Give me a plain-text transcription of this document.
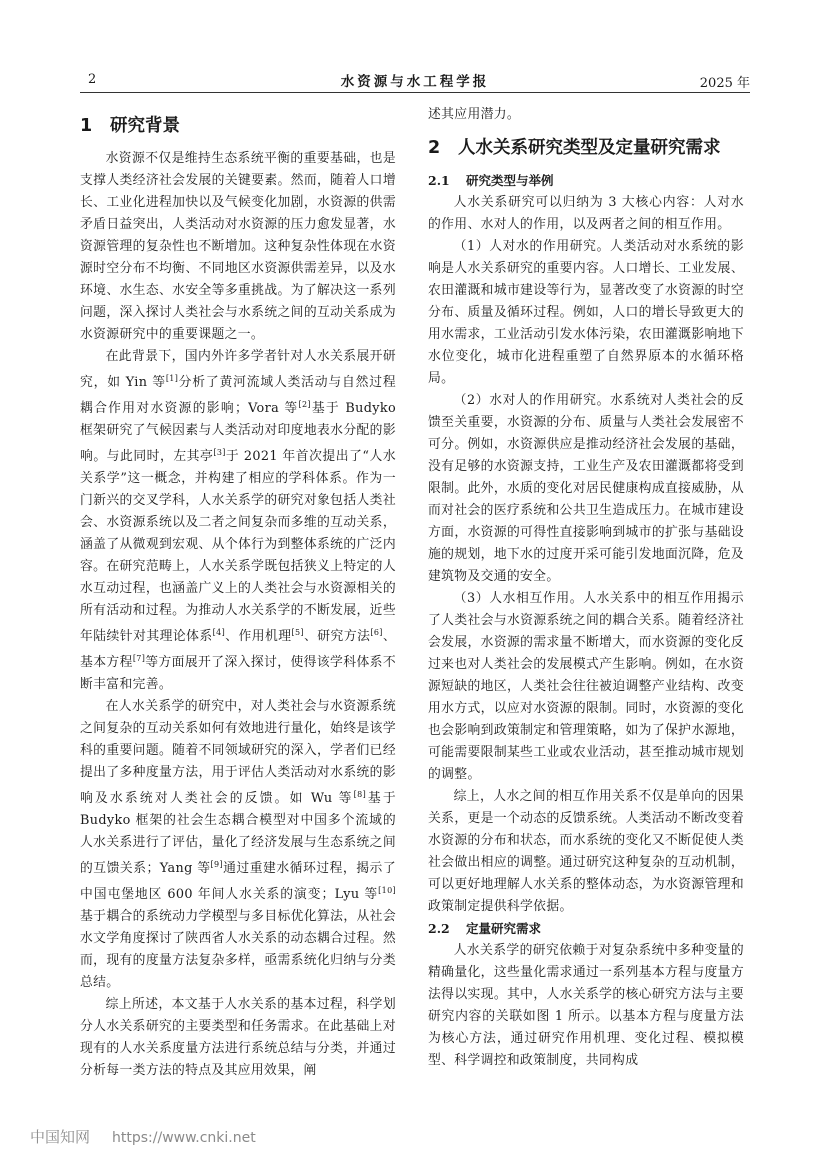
2	水资源与水工程学报	2025 年
1 研究背景

水资源不仅是维持生态系统平衡的重要基础，也是支撑人类经济社会发展的关键要素。然而，随着人口增长、工业化进程加快以及气候变化加剧，水资源的供需矛盾日益突出，人类活动对水资源的压力愈发显著，水资源管理的复杂性也不断增加。这种复杂性体现在水资源时空分布不均衡、不同地区水资源供需差异，以及水环境、水生态、水安全等多重挑战。为了解决这一系列问题，深入探讨人类社会与水系统之间的互动关系成为水资源研究中的重要课题之一。

在此背景下，国内外许多学者针对人水关系展开研究，如 Yin 等[1]分析了黄河流域人类活动与自然过程耦合作用对水资源的影响；Vora 等[2]基于 Budyko 框架研究了气候因素与人类活动对印度地表水分配的影响。与此同时，左其亭[3]于 2021 年首次提出了“人水关系学”这一概念，并构建了相应的学科体系。作为一门新兴的交叉学科，人水关系学的研究对象包括人类社会、水资源系统以及二者之间复杂而多维的互动关系，涵盖了从微观到宏观、从个体行为到整体系统的广泛内容。在研究范畴上，人水关系学既包括狭义上特定的人水互动过程，也涵盖广义上的人类社会与水资源相关的所有活动和过程。为推动人水关系学的不断发展，近些年陆续针对其理论体系[4]、作用机理[5]、研究方法[6]、基本方程[7]等方面展开了深入探讨，使得该学科体系不断丰富和完善。

在人水关系学的研究中，对人类社会与水资源系统之间复杂的互动关系如何有效地进行量化，始终是该学科的重要问题。随着不同领域研究的深入，学者们已经提出了多种度量方法，用于评估人类活动对水系统的影响及水系统对人类社会的反馈。如 Wu 等[8]基于 Budyko 框架的社会生态耦合模型对中国多个流域的人水关系进行了评估，量化了经济发展与生态系统之间的互馈关系；Yang 等[9]通过重建水循环过程，揭示了中国屯堡地区 600 年间人水关系的演变；Lyu 等[10]基于耦合的系统动力学模型与多目标优化算法，从社会水文学角度探讨了陕西省人水关系的动态耦合过程。然而，现有的度量方法复杂多样，亟需系统化归纳与分类总结。

综上所述，本文基于人水关系的基本过程，科学划分人水关系研究的主要类型和任务需求。在此基础上对现有的人水关系度量方法进行系统总结与分类，并通过分析每一类方法的特点及其应用效果，阐

述其应用潜力。

2 人水关系研究类型及定量研究需求
2.1 研究类型与举例

人水关系研究可以归纳为 3 大核心内容：人对水的作用、水对人的作用，以及两者之间的相互作用。

（1）人对水的作用研究。人类活动对水系统的影响是人水关系研究的重要内容。人口增长、工业发展、农田灌溉和城市建设等行为，显著改变了水资源的时空分布、质量及循环过程。例如，人口的增长导致更大的用水需求，工业活动引发水体污染，农田灌溉影响地下水位变化，城市化进程重塑了自然界原本的水循环格局。

（2）水对人的作用研究。水系统对人类社会的反馈至关重要，水资源的分布、质量与人类社会发展密不可分。例如，水资源供应是推动经济社会发展的基础，没有足够的水资源支持，工业生产及农田灌溉都将受到限制。此外，水质的变化对居民健康构成直接威胁，从而对社会的医疗系统和公共卫生造成压力。在城市建设方面，水资源的可得性直接影响到城市的扩张与基础设施的规划，地下水的过度开采可能引发地面沉降，危及建筑物及交通的安全。

（3）人水相互作用。人水关系中的相互作用揭示了人类社会与水资源系统之间的耦合关系。随着经济社会发展，水资源的需求量不断增大，而水资源的变化反过来也对人类社会的发展模式产生影响。例如，在水资源短缺的地区，人类社会往往被迫调整产业结构、改变用水方式，以应对水资源的限制。同时，水资源的变化也会影响到政策制定和管理策略，如为了保护水源地，可能需要限制某些工业或农业活动，甚至推动城市规划的调整。

综上，人水之间的相互作用关系不仅是单向的因果关系，更是一个动态的反馈系统。人类活动不断改变着水资源的分布和状态，而水系统的变化又不断促使人类社会做出相应的调整。通过研究这种复杂的互动机制，可以更好地理解人水关系的整体动态，为水资源管理和政策制定提供科学依据。

2.2 定量研究需求

人水关系学的研究依赖于对复杂系统中多种变量的精确量化，这些量化需求通过一系列基本方程与度量方法得以实现。其中，人水关系学的核心研究方法与主要研究内容的关联如图 1 所示。以基本方程与度量方法为核心方法，通过研究作用机理、变化过程、模拟模型、科学调控和政策制度，共同构成

中国知网 https://www.cnki.net
